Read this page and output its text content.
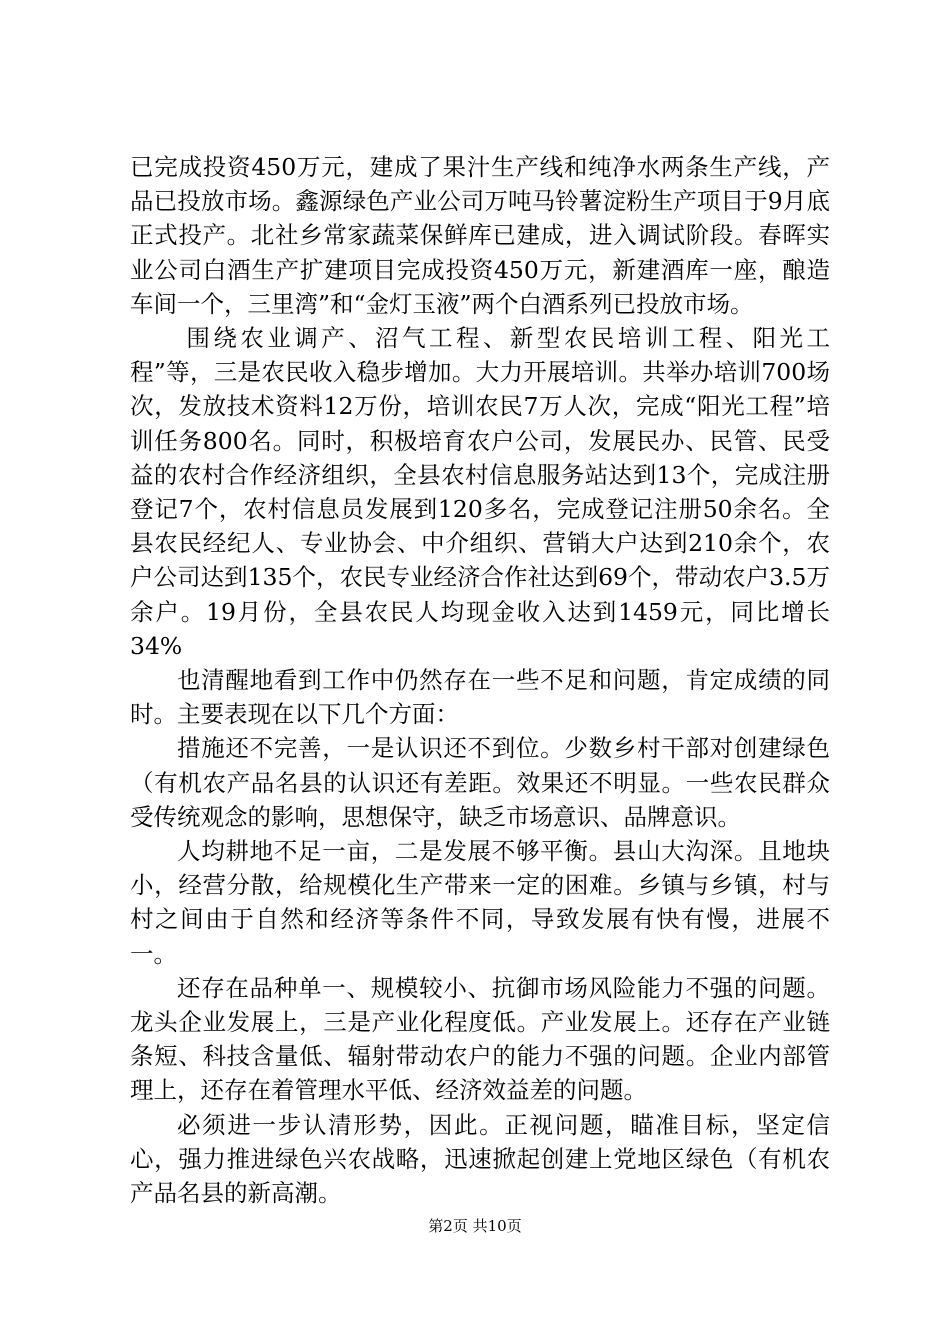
已完成投资450万元，建成了果汁生产线和纯净水两条生产线，产品已投放市场。鑫源绿色产业公司万吨马铃薯淀粉生产项目于9月底正式投产。北社乡常家蔬菜保鲜库已建成，进入调试阶段。春晖实业公司白酒生产扩建项目完成投资450万元，新建酒库一座，酿造车间一个，三里湾”和“金灯玉液”两个白酒系列已投放市场。

围绕农业调产、沼气工程、新型农民培训工程、阳光工程”等，三是农民收入稳步增加。大力开展培训。共举办培训700场次，发放技术资料12万份，培训农民7万人次，完成“阳光工程”培训任务800名。同时，积极培育农户公司，发展民办、民管、民受益的农村合作经济组织，全县农村信息服务站达到13个，完成注册登记7个，农村信息员发展到120多名，完成登记注册50余名。全县农民经纪人、专业协会、中介组织、营销大户达到210余个，农户公司达到135个，农民专业经济合作社达到69个，带动农户3.5万余户。19月份，全县农民人均现金收入达到1459元，同比增长34%

也清醒地看到工作中仍然存在一些不足和问题，肯定成绩的同时。主要表现在以下几个方面：

措施还不完善，一是认识还不到位。少数乡村干部对创建绿色（有机农产品名县的认识还有差距。效果还不明显。一些农民群众受传统观念的影响，思想保守，缺乏市场意识、品牌意识。

人均耕地不足一亩，二是发展不够平衡。县山大沟深。且地块小，经营分散，给规模化生产带来一定的困难。乡镇与乡镇，村与村之间由于自然和经济等条件不同，导致发展有快有慢，进展不一。

还存在品种单一、规模较小、抗御市场风险能力不强的问题。龙头企业发展上，三是产业化程度低。产业发展上。还存在产业链条短、科技含量低、辐射带动农户的能力不强的问题。企业内部管理上，还存在着管理水平低、经济效益差的问题。

必须进一步认清形势，因此。正视问题，瞄准目标，坚定信心，强力推进绿色兴农战略，迅速掀起创建上党地区绿色（有机农产品名县的新高潮。

第2页 共10页
